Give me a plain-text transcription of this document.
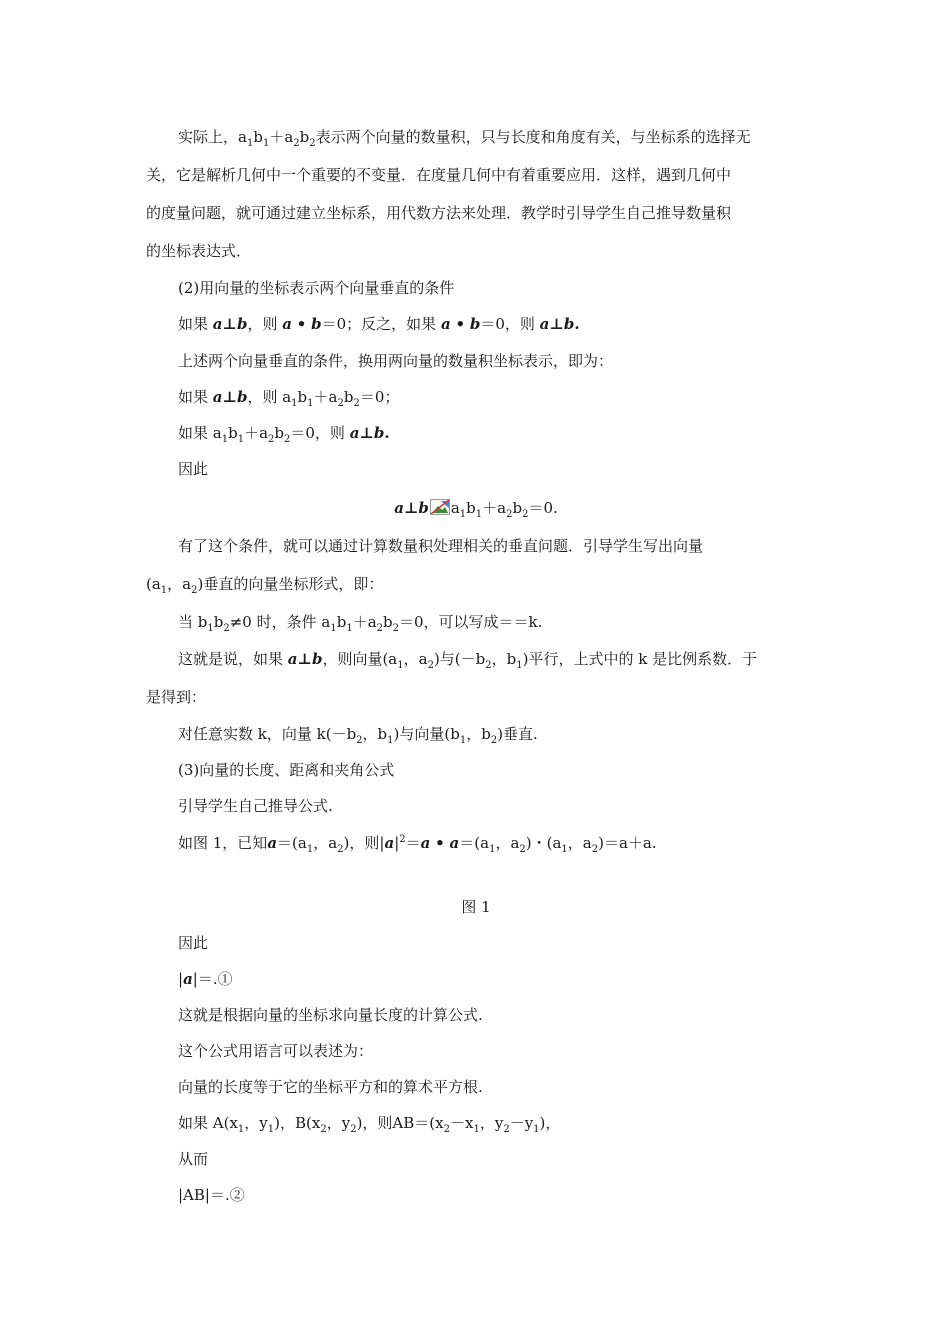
实际上，$a_1b_1+a_2b_2$表示两个向量的数量积，只与长度和角度有关，与坐标系的选择无
关，它是解析几何中一个重要的不变量．在度量几何中有着重要应用．这样，遇到几何中
的度量问题，就可通过建立坐标系，用代数方法来处理．教学时引导学生自己推导数量积
的坐标表达式．
(2)用向量的坐标表示两个向量垂直的条件
如果 a⊥b，则 a • b＝0；反之，如果 a • b＝0，则 a⊥b.
上述两个向量垂直的条件，换用两向量的数量积坐标表示，即为：
如果 a⊥b，则 $a_1b_1+a_2b_2=0$；
如果 $a_1b_1+a_2b_2=0$，则 a⊥b.
因此
a⊥b $a_1b_1+a_2b_2=0$.
有了这个条件，就可以通过计算数量积处理相关的垂直问题．引导学生写出向量
($a_1$，$a_2$)垂直的向量坐标形式，即：
当 $b_1b_2\ne 0$ 时，条件 $a_1b_1+a_2b_2=0$，可以写成＝＝k.
这就是说，如果 a⊥b，则向量($a_1$，$a_2$)与($-b_2$，$b_1$)平行，上式中的 k 是比例系数．于
是得到：
对任意实数 k，向量 $k(-b_2$，$b_1$)与向量($b_1$，$b_2$)垂直.
(3)向量的长度、距离和夹角公式
引导学生自己推导公式.
如图 1，已知$a=(a_1$，$a_2$)，则$|a|^2=a$ • $a=(a_1$，$a_2$)・($a_1$，$a_2)=a+a$.
图 1
因此
|a|＝.①
这就是根据向量的坐标求向量长度的计算公式.
这个公式用语言可以表述为：
向量的长度等于它的坐标平方和的算术平方根.
如果 $A(x_1$，$y_1$)，$B(x_2$，$y_2$)，则$AB=(x_2-x_1$，$y_2-y_1$)，
从而
|AB|＝.②
